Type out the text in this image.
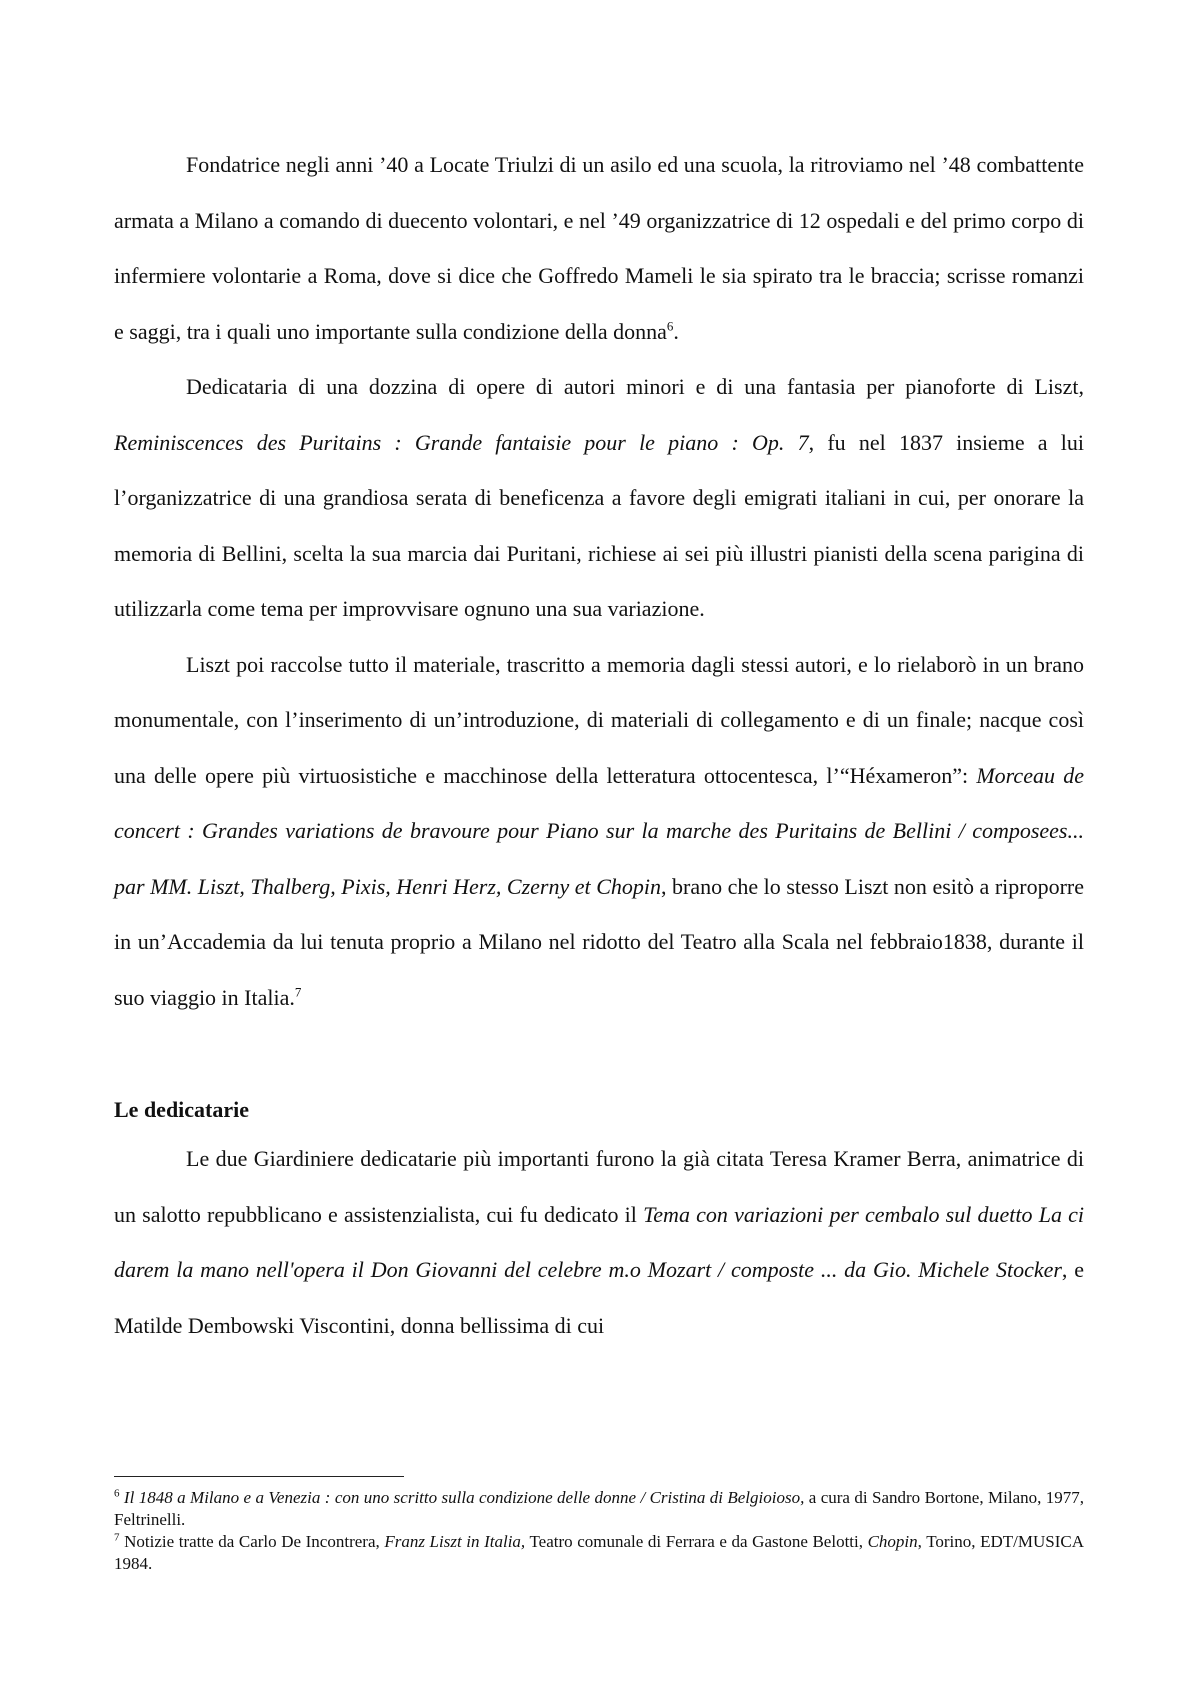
Fondatrice negli anni ’40 a Locate Triulzi di un asilo ed una scuola, la ritroviamo nel ’48 combattente armata a Milano a comando di duecento volontari, e nel ’49 organizzatrice di 12 ospedali e del primo corpo di infermiere volontarie a Roma, dove si dice che Goffredo Mameli le sia spirato tra le braccia; scrisse romanzi e saggi, tra i quali uno importante sulla condizione della donna$^6$.

Dedicataria di una dozzina di opere di autori minori e di una fantasia per pianoforte di Liszt, Reminiscences des Puritains : Grande fantaisie pour le piano : Op. 7, fu nel 1837 insieme a lui l’organizzatrice di una grandiosa serata di beneficenza a favore degli emigrati italiani in cui, per onorare la memoria di Bellini, scelta la sua marcia dai Puritani, richiese ai sei più illustri pianisti della scena parigina di utilizzarla come tema per improvvisare ognuno una sua variazione.

Liszt poi raccolse tutto il materiale, trascritto a memoria dagli stessi autori, e lo rielaborò in un brano monumentale, con l’inserimento di un’introduzione, di materiali di collegamento e di un finale; nacque così una delle opere più virtuosistiche e macchinose della letteratura ottocentesca, l’“Héxameron”: Morceau de concert : Grandes variations de bravoure pour Piano sur la marche des Puritains de Bellini / composees... par MM. Liszt, Thalberg, Pixis, Henri Herz, Czerny et Chopin, brano che lo stesso Liszt non esitò a riproporre in un’Accademia da lui tenuta proprio a Milano nel ridotto del Teatro alla Scala nel febbraio1838, durante il suo viaggio in Italia.$^7$

Le dedicatarie

Le due Giardiniere dedicatarie più importanti furono la già citata Teresa Kramer Berra, animatrice di un salotto repubblicano e assistenzialista, cui fu dedicato il Tema con variazioni per cembalo sul duetto La ci darem la mano nell'opera il Don Giovanni del celebre m.o Mozart / composte ... da Gio. Michele Stocker, e Matilde Dembowski Viscontini, donna bellissima di cui

$^6$ Il 1848 a Milano e a Venezia : con uno scritto sulla condizione delle donne / Cristina di Belgioioso, a cura di Sandro Bortone, Milano, 1977, Feltrinelli.

$^7$ Notizie tratte da Carlo De Incontrera, Franz Liszt in Italia, Teatro comunale di Ferrara e da Gastone Belotti, Chopin, Torino, EDT/MUSICA 1984.
